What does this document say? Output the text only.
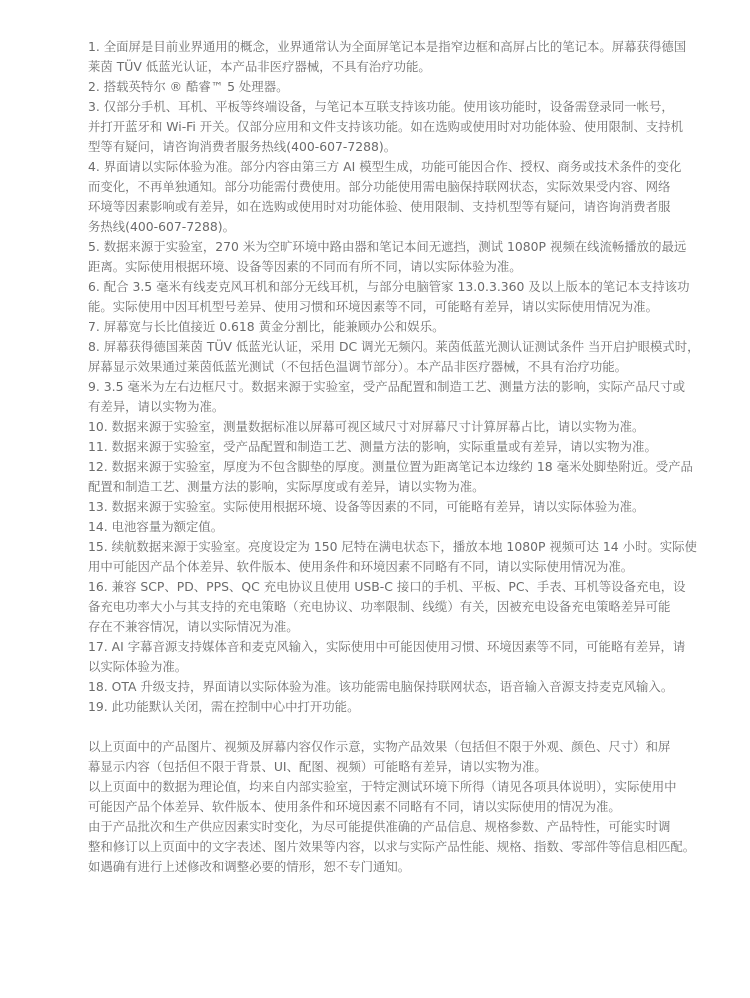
1. 全面屏是目前业界通用的概念，业界通常认为全面屏笔记本是指窄边框和高屏占比的笔记本。屏幕获得德国
莱茵 TÜV 低蓝光认证，本产品非医疗器械，不具有治疗功能。
2. 搭载英特尔 ® 酷睿™ 5 处理器。
3. 仅部分手机、耳机、平板等终端设备，与笔记本互联支持该功能。使用该功能时，设备需登录同一帐号，
并打开蓝牙和 Wi-Fi 开关。仅部分应用和文件支持该功能。如在选购或使用时对功能体验、使用限制、支持机
型等有疑问，请咨询消费者服务热线(400-607-7288)。
4. 界面请以实际体验为准。部分内容由第三方 AI 模型生成，功能可能因合作、授权、商务或技术条件的变化
而变化，不再单独通知。部分功能需付费使用。部分功能使用需电脑保持联网状态，实际效果受内容、网络
环境等因素影响或有差异，如在选购或使用时对功能体验、使用限制、支持机型等有疑问，请咨询消费者服
务热线(400-607-7288)。
5. 数据来源于实验室，270 米为空旷环境中路由器和笔记本间无遮挡，测试 1080P 视频在线流畅播放的最远
距离。实际使用根据环境、设备等因素的不同而有所不同，请以实际体验为准。
6. 配合 3.5 毫米有线麦克风耳机和部分无线耳机，与部分电脑管家 13.0.3.360 及以上版本的笔记本支持该功
能。实际使用中因耳机型号差异、使用习惯和环境因素等不同，可能略有差异，请以实际使用情况为准。
7. 屏幕宽与长比值接近 0.618 黄金分割比，能兼顾办公和娱乐。
8. 屏幕获得德国莱茵 TÜV 低蓝光认证，采用 DC 调光无频闪。莱茵低蓝光测认证测试条件 当开启护眼模式时，
屏幕显示效果通过莱茵低蓝光测试（不包括色温调节部分）。本产品非医疗器械，不具有治疗功能。
9. 3.5 毫米为左右边框尺寸。数据来源于实验室，受产品配置和制造工艺、测量方法的影响，实际产品尺寸或
有差异，请以实物为准。
10. 数据来源于实验室，测量数据标准以屏幕可视区域尺寸对屏幕尺寸计算屏幕占比，请以实物为准。
11. 数据来源于实验室，受产品配置和制造工艺、测量方法的影响，实际重量或有差异，请以实物为准。
12. 数据来源于实验室，厚度为不包含脚垫的厚度。测量位置为距离笔记本边缘约 18 毫米处脚垫附近。受产品
配置和制造工艺、测量方法的影响，实际厚度或有差异，请以实物为准。
13. 数据来源于实验室。实际使用根据环境、设备等因素的不同，可能略有差异，请以实际体验为准。
14. 电池容量为额定值。
15. 续航数据来源于实验室。亮度设定为 150 尼特在满电状态下，播放本地 1080P 视频可达 14 小时。实际使
用中可能因产品个体差异、软件版本、使用条件和环境因素不同略有不同，请以实际使用情况为准。
16. 兼容 SCP、PD、PPS、QC 充电协议且使用 USB-C 接口的手机、平板、PC、手表、耳机等设备充电，设
备充电功率大小与其支持的充电策略（充电协议、功率限制、线缆）有关，因被充电设备充电策略差异可能
存在不兼容情况，请以实际情况为准。
17. AI 字幕音源支持媒体音和麦克风输入，实际使用中可能因使用习惯、环境因素等不同，可能略有差异，请
以实际体验为准。
18. OTA 升级支持，界面请以实际体验为准。该功能需电脑保持联网状态，语音输入音源支持麦克风输入。
19. 此功能默认关闭，需在控制中心中打开功能。
以上页面中的产品图片、视频及屏幕内容仅作示意，实物产品效果（包括但不限于外观、颜色、尺寸）和屏
幕显示内容（包括但不限于背景、UI、配图、视频）可能略有差异，请以实物为准。
以上页面中的数据为理论值，均来自内部实验室，于特定测试环境下所得（请见各项具体说明），实际使用中
可能因产品个体差异、软件版本、使用条件和环境因素不同略有不同，请以实际使用的情况为准。
由于产品批次和生产供应因素实时变化，为尽可能提供准确的产品信息、规格参数、产品特性，可能实时调
整和修订以上页面中的文字表述、图片效果等内容，以求与实际产品性能、规格、指数、零部件等信息相匹配。
如遇确有进行上述修改和调整必要的情形，恕不专门通知。
